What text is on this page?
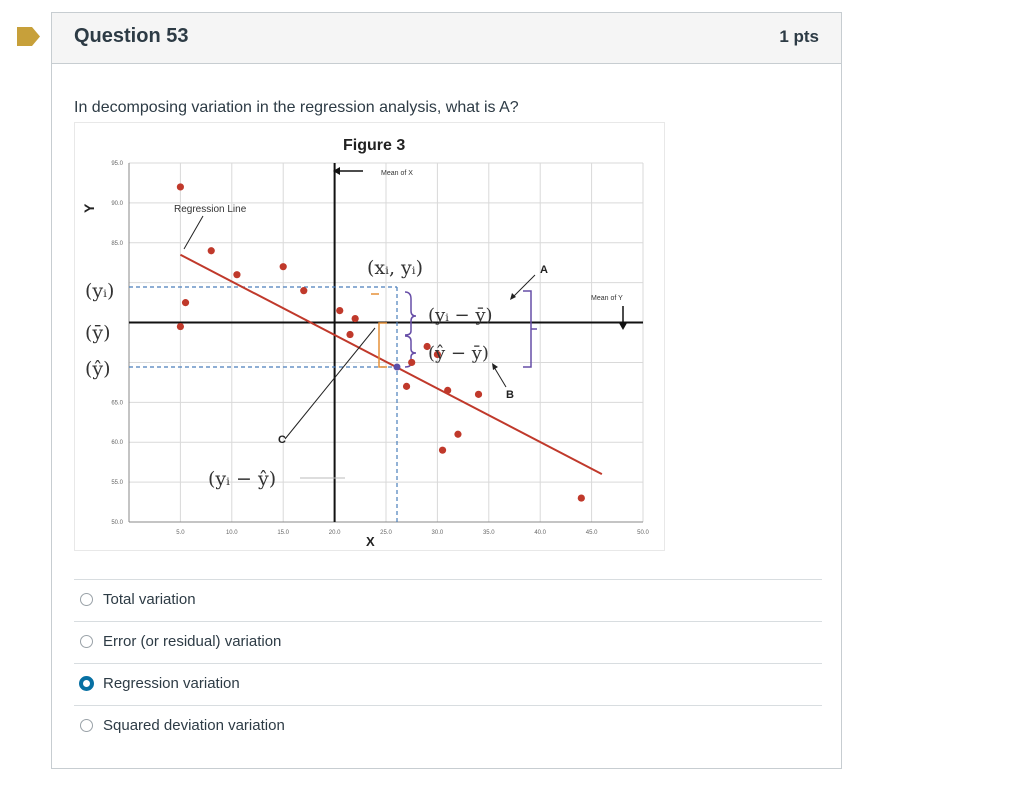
Question 53	1 pts
In decomposing variation in the regression analysis, what is A?
5.0	10.0	15.0	20.0	25.0	30.0	35.0	40.0	45.0	50.0
95.0
90.0
85.0
65.0
60.0
55.0
50.0
Figure 3
Y
X
Regression Line
Mean of X
Mean of Y
(yᵢ)
(ȳ)
(ŷ)
(xᵢ, yᵢ)
(yᵢ − ȳ)
(ŷ − ȳ)
(yᵢ − ŷ)
A
B
C
Total variation
Error (or residual) variation
Regression variation
Squared deviation variation
